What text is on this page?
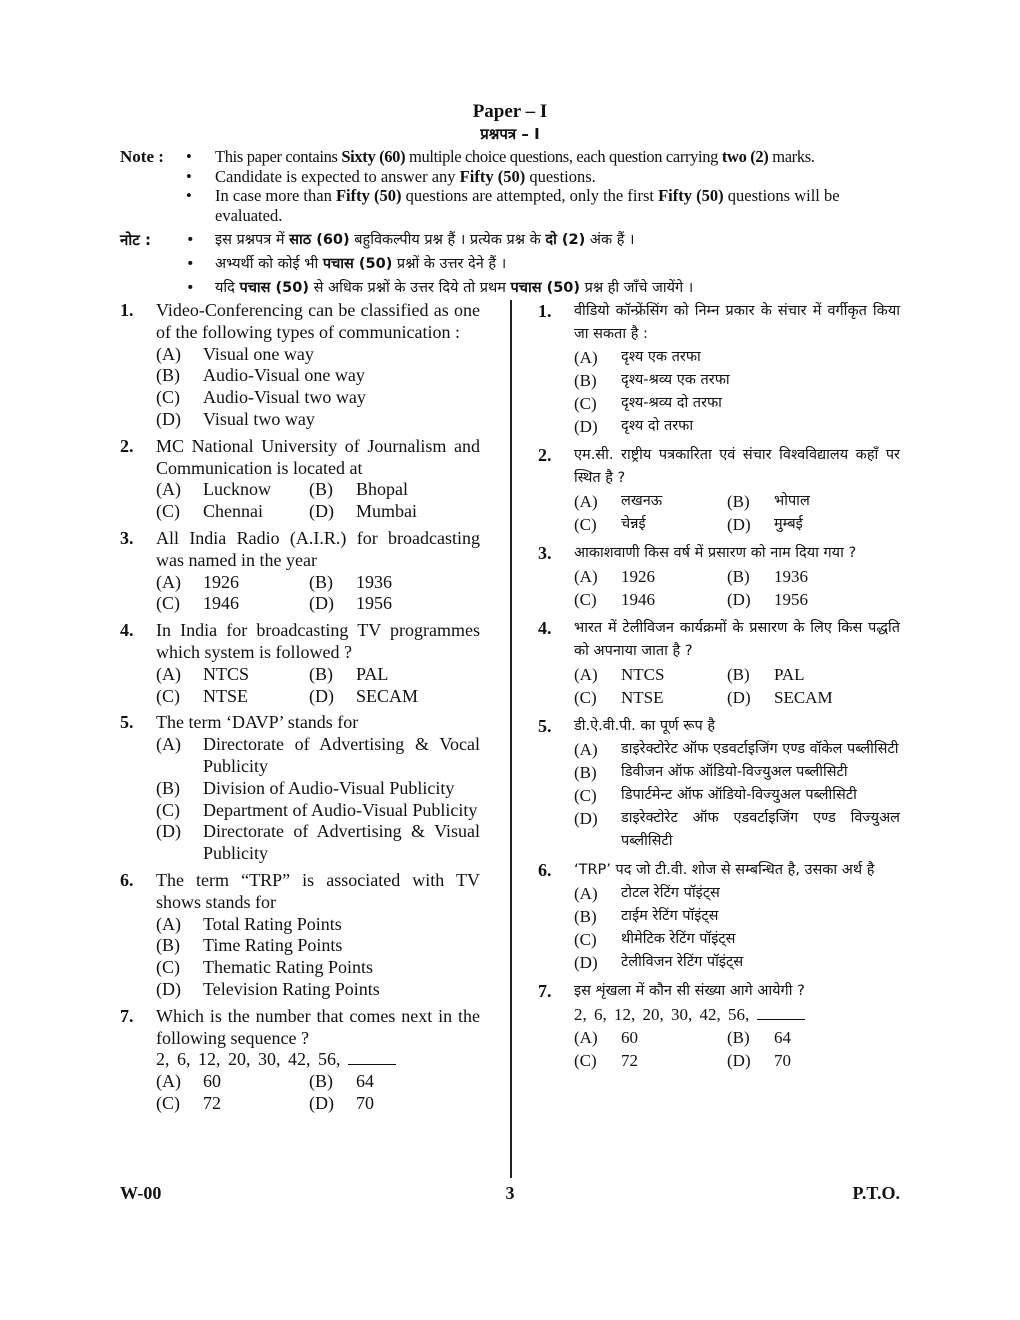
Paper – I
प्रश्नपत्र – I
Note : • This paper contains Sixty (60) multiple choice questions, each question carrying two (2) marks.
• Candidate is expected to answer any Fifty (50) questions.
• In case more than Fifty (50) questions are attempted, only the first Fifty (50) questions will be evaluated.
नोट : • इस प्रश्नपत्र में साठ (60) बहुविकल्पीय प्रश्न हैं । प्रत्येक प्रश्न के दो (2) अंक हैं ।
• अभ्यर्थी को कोई भी पचास (50) प्रश्नों के उत्तर देने हैं ।
• यदि पचास (50) से अधिक प्रश्नों के उत्तर दिये तो प्रथम पचास (50) प्रश्न ही जाँचे जायेंगे ।
1. Video-Conferencing can be classified as one of the following types of communication :
(A) Visual one way
(B) Audio-Visual one way
(C) Audio-Visual two way
(D) Visual two way
2. MC National University of Journalism and Communication is located at
(A) Lucknow	(B) Bhopal
(C) Chennai	(D) Mumbai
3. All India Radio (A.I.R.) for broadcasting was named in the year
(A) 1926	(B) 1936
(C) 1946	(D) 1956
4. In India for broadcasting TV programmes which system is followed ?
(A) NTCS	(B) PAL
(C) NTSE	(D) SECAM
5. The term ‘DAVP’ stands for
(A) Directorate of Advertising & Vocal Publicity
(B) Division of Audio-Visual Publicity
(C) Department of Audio-Visual Publicity
(D) Directorate of Advertising & Visual Publicity
6. The term “TRP” is associated with TV shows stands for
(A) Total Rating Points
(B) Time Rating Points
(C) Thematic Rating Points
(D) Television Rating Points
7. Which is the number that comes next in the following sequence ?
2, 6, 12, 20, 30, 42, 56,
(A) 60	(B) 64
(C) 72	(D) 70
1. वीडियो कॉन्फ्रेंसिंग को निम्न प्रकार के संचार में वर्गीकृत किया जा सकता है :
(A) दृश्य एक तरफा
(B) दृश्य-श्रव्य एक तरफा
(C) दृश्य-श्रव्य दो तरफा
(D) दृश्य दो तरफा
2. एम.सी. राष्ट्रीय पत्रकारिता एवं संचार विश्वविद्यालय कहाँ पर स्थित है ?
(A) लखनऊ	(B) भोपाल
(C) चेन्नई	(D) मुम्बई
3. आकाशवाणी किस वर्ष में प्रसारण को नाम दिया गया ?
(A) 1926	(B) 1936
(C) 1946	(D) 1956
4. भारत में टेलीविजन कार्यक्रमों के प्रसारण के लिए किस पद्धति को अपनाया जाता है ?
(A) NTCS	(B) PAL
(C) NTSE	(D) SECAM
5. डी.ऐ.वी.पी. का पूर्ण रूप है
(A) डाइरेक्टोरेट ऑफ एडवर्टाइजिंग एण्ड वॉकेल पब्लीसिटी
(B) डिवीजन ऑफ ऑडियो-विज्युअल पब्लीसिटी
(C) डिपार्टमेन्ट ऑफ ऑडियो-विज्युअल पब्लीसिटी
(D) डाइरेक्टोरेट ऑफ एडवर्टाइजिंग एण्ड विज्युअल पब्लीसिटी
6. ‘TRP’ पद जो टी.वी. शोज से सम्बन्धित है, उसका अर्थ है
(A) टोटल रेटिंग पॉइंट्स
(B) टाईम रेटिंग पॉइंट्स
(C) थीमेटिक रेटिंग पॉइंट्स
(D) टेलीविजन रेटिंग पॉइंट्स
7. इस शृंखला में कौन सी संख्या आगे आयेगी ?
2, 6, 12, 20, 30, 42, 56,
(A) 60	(B) 64
(C) 72	(D) 70
W-00	3	P.T.O.
